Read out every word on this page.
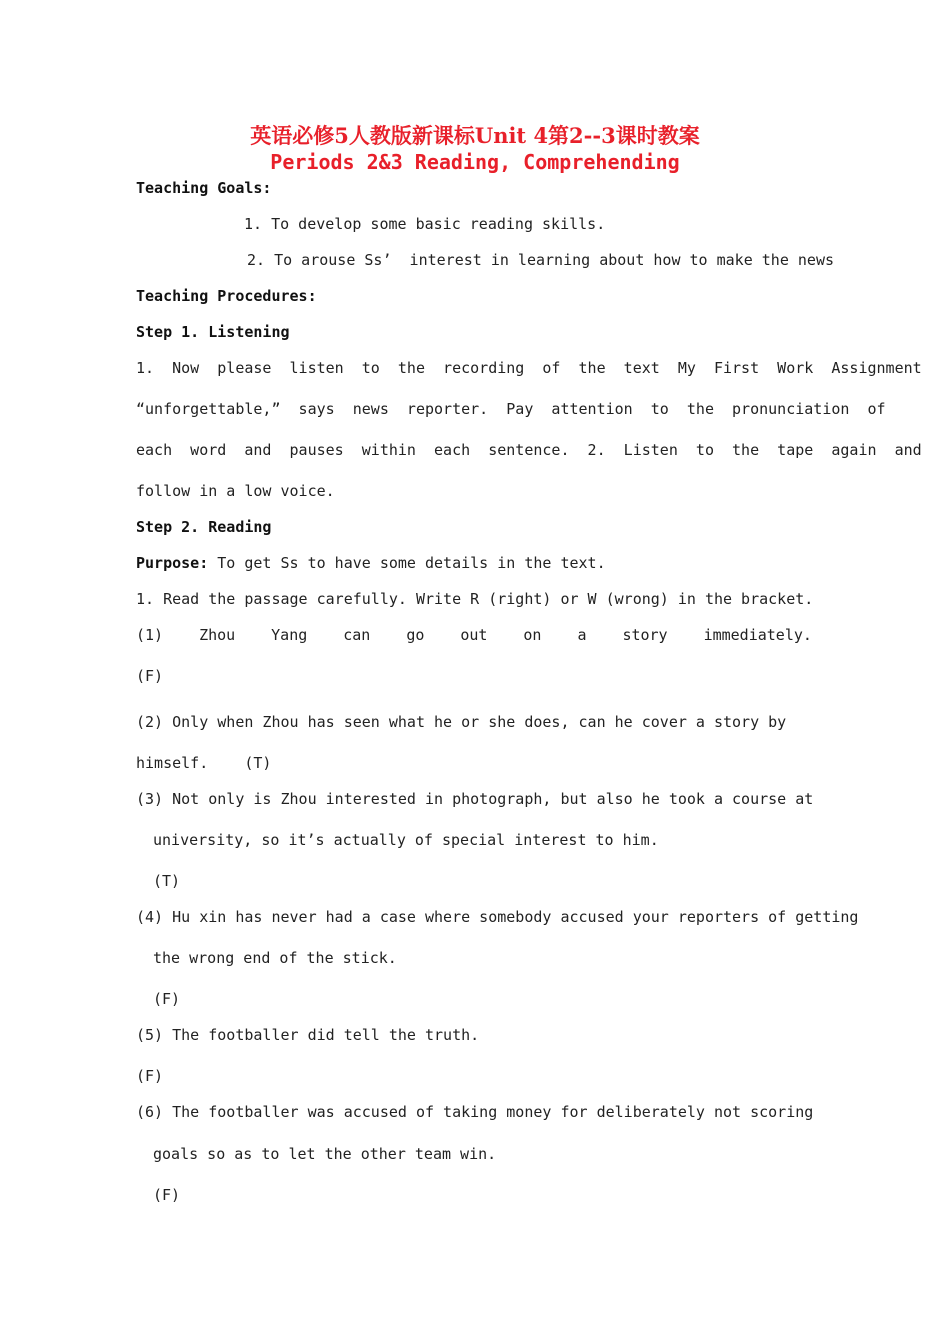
英语必修5人教版新课标Unit 4第2--3课时教案
Periods 2&3 Reading, Comprehending
Teaching Goals:
1. To develop some basic reading skills.
2. To arouse Ss’  interest in learning about how to make the news
Teaching Procedures:
Step 1. Listening
1.  Now  please  listen  to  the  recording  of  the  text  My  First  Work  Assignment
“unforgettable,”  says  news  reporter.  Pay  attention  to  the  pronunciation  of
each  word  and  pauses  within  each  sentence.  2.  Listen  to  the  tape  again  and
follow in a low voice.
Step 2. Reading
Purpose: To get Ss to have some details in the text.
1. Read the passage carefully. Write R (right) or W (wrong) in the bracket.
(1) Zhou Yang can go out on a story immediately.
(F)
(2) Only when Zhou has seen what he or she does, can he cover a story by
himself.    (T)
(3) Not only is Zhou interested in photograph, but also he took a course at
university, so it’s actually of special interest to him.
(T)
(4) Hu xin has never had a case where somebody accused your reporters of getting
the wrong end of the stick.
(F)
(5) The footballer did tell the truth.
(F)
(6) The footballer was accused of taking money for deliberately not scoring
goals so as to let the other team win.
(F)
